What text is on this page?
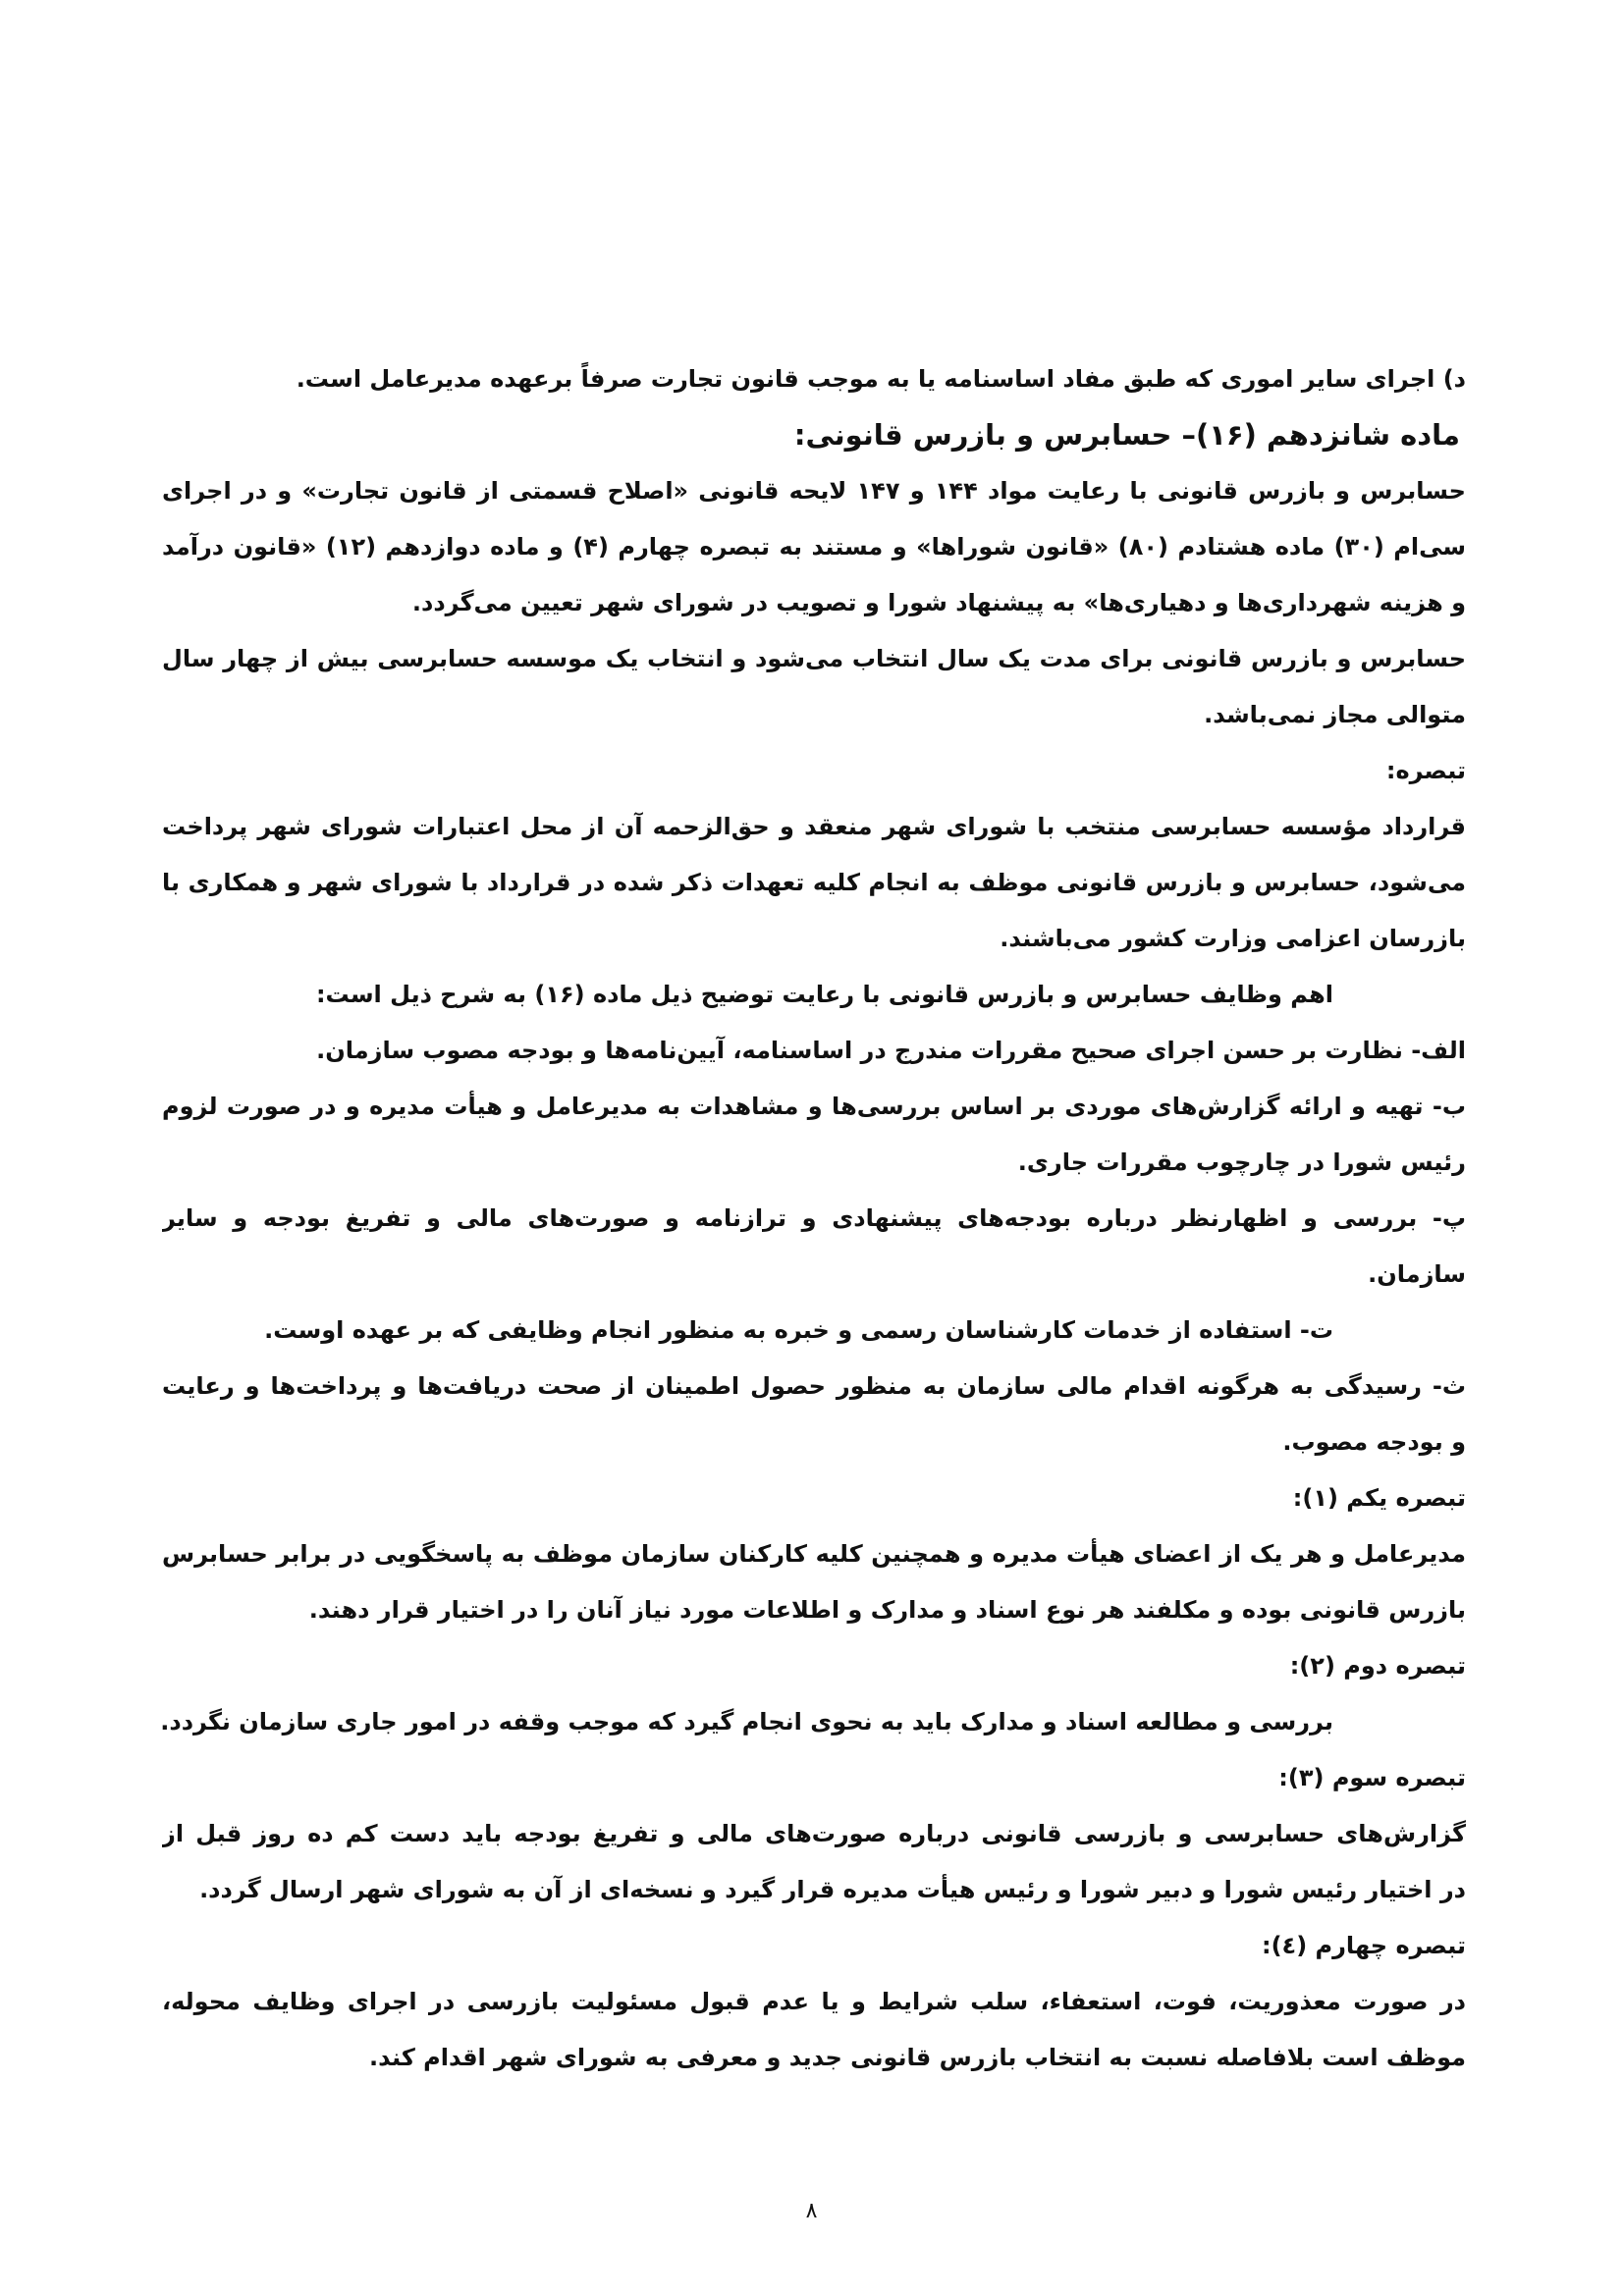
د) اجرای سایر اموری که طبق مفاد اساسنامه یا به موجب قانون تجارت صرفاً برعهده مدیرعامل است.
ماده شانزدهم (۱۶)– حسابرس و بازرس قانونی:
حسابرس و بازرس قانونی با رعایت مواد ۱۴۴ و ۱۴۷ لایحه قانونی «اصلاح قسمتی از قانون تجارت» و در اجرای
سی‌ام (۳۰) ماده هشتادم (۸۰) «قانون شوراها» و مستند به تبصره چهارم (۴) و ماده دوازدهم (۱۲) «قانون درآمد
و هزینه شهرداری‌ها و دهیاری‌ها» به پیشنهاد شورا و تصویب در شورای شهر تعیین می‌گردد.
حسابرس و بازرس قانونی برای مدت یک سال انتخاب می‌شود و انتخاب یک موسسه حسابرسی بیش از چهار سال
متوالی مجاز نمی‌باشد.
تبصره:
قرارداد مؤسسه حسابرسی منتخب با شورای شهر منعقد و حق‌الزحمه آن از محل اعتبارات شورای شهر پرداخت
می‌شود، حسابرس و بازرس قانونی موظف به انجام کلیه تعهدات ذکر شده در قرارداد با شورای شهر و همکاری با
بازرسان اعزامی وزارت کشور می‌باشند.
اهم وظایف حسابرس و بازرس قانونی با رعایت توضیح ذیل ماده (۱۶) به شرح ذیل است:
الف- نظارت بر حسن اجرای صحیح مقررات مندرج در اساسنامه، آیین‌نامه‌ها و بودجه مصوب سازمان.
ب- تهیه و ارائه گزارش‌های موردی بر اساس بررسی‌ها و مشاهدات به مدیرعامل و هیأت مدیره و در صورت لزوم
رئیس شورا در چارچوب مقررات جاری.
پ- بررسی و اظهارنظر درباره بودجه‌های پیشنهادی و ترازنامه و صورت‌های مالی و تفریغ بودجه و سایر
سازمان.
ت- استفاده از خدمات کارشناسان رسمی و خبره به منظور انجام وظایفی که بر عهده اوست.
ث- رسیدگی به هرگونه اقدام مالی سازمان به منظور حصول اطمینان از صحت دریافت‌ها و پرداخت‌ها و رعایت
و بودجه مصوب.
تبصره یکم (۱):
مدیرعامل و هر یک از اعضای هیأت مدیره و همچنین کلیه کارکنان سازمان موظف به پاسخگویی در برابر حسابرس
بازرس قانونی بوده و مکلفند هر نوع اسناد و مدارک و اطلاعات مورد نیاز آنان را در اختیار قرار دهند.
تبصره دوم (۲):
بررسی و مطالعه اسناد و مدارک باید به نحوی انجام گیرد که موجب وقفه در امور جاری سازمان نگردد.
تبصره سوم (۳):
گزارش‌های حسابرسی و بازرسی قانونی درباره صورت‌های مالی و تفریغ بودجه باید دست کم ده روز قبل از
در اختیار رئیس شورا و دبیر شورا و رئیس هیأت مدیره قرار گیرد و نسخه‌ای از آن به شورای شهر ارسال گردد.
تبصره چهارم (٤):
در صورت معذوریت، فوت، استعفاء، سلب شرایط و یا عدم قبول مسئولیت بازرسی در اجرای وظایف محوله،
موظف است بلافاصله نسبت به انتخاب بازرس قانونی جدید و معرفی به شورای شهر اقدام کند.
۸
